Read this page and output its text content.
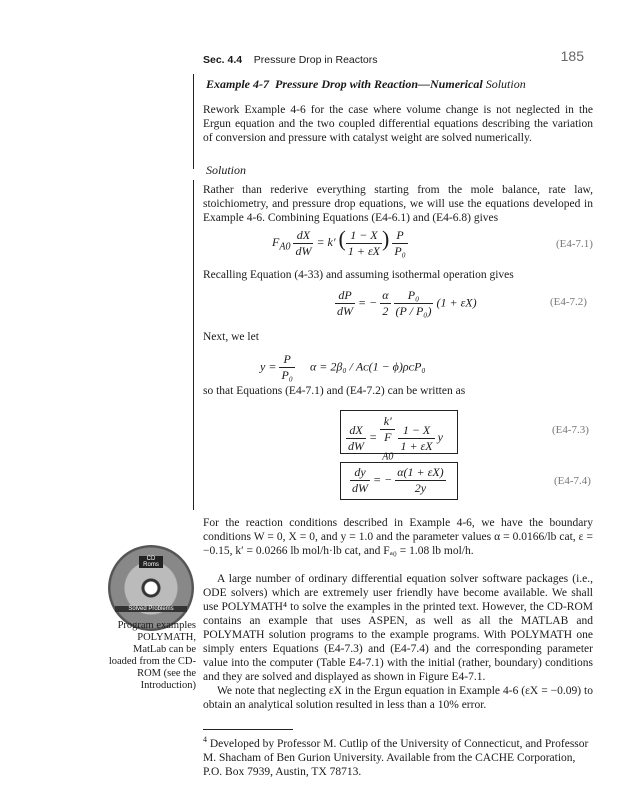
Sec. 4.4 Pressure Drop in Reactors	185
Example 4-7 Pressure Drop with Reaction—Numerical Solution
Rework Example 4-6 for the case where volume change is not neglected in the Ergun equation and the two coupled differential equations describing the variation of conversion and pressure with catalyst weight are solved numerically.
Solution
Rather than rederive everything starting from the mole balance, rate law, stoichiometry, and pressure drop equations, we will use the equations developed in Example 4-6. Combining Equations (E4-6.1) and (E4-6.8) gives
$F_{A0} \frac{dX}{dW} = k'$ ( $\frac{1 - X}{1 + \varepsilon X}$ ) $\frac{P}{\text{P₀}}$	(E4-7.1)
Recalling Equation (4-33) and assuming isothermal operation gives
$\frac{dP}{dW}$ = − $\frac{\alpha}{2}$
$\frac{\text{P₀}}{\text{(P / P₀)}} (1 + \varepsilon X)$	(E4-7.2)
Next, we let
$y = \frac{P}{\text{P₀}}$ α = 2β₀ / Aᴄ(1 − ϕ)ρᴄP₀
so that Equations (E4-7.1) and (E4-7.2) can be written as
$\frac{dX}{dW} = k'$
F
$_{A0}$
$\frac{1 - X}{1 + \varepsilon X}$ y	(E4-7.3)
$\frac{dy}{dW}$ = − $\frac{\alpha(1 + \varepsilon X)}{2y}$	(E4-7.4)
For the reaction conditions described in Example 4-6, we have the boundary conditions W = 0, X = 0, and y = 1.0 and the parameter values α = 0.0166/lb cat, ε = −0.15, k′ = 0.0266 lb mol/h·lb cat, and Fₐ₀ = 1.08 lb mol/h.
A large number of ordinary differential equation solver software packages (i.e., ODE solvers) which are extremely user friendly have become available. We shall use POLYMATH⁴ to solve the examples in the printed text. However, the CD-ROM contains an example that uses ASPEN, as well as all the MATLAB and POLYMATH solution programs to the example programs. With POLYMATH one simply enters Equations (E4-7.3) and (E4-7.4) and the corresponding parameter value into the computer (Table E4-7.1) with the initial (rather, boundary) conditions and they are solved and displayed as shown in Figure E4-7.1.
We note that neglecting εX in the Ergun equation in Example 4-6 (εX = −0.09) to obtain an analytical solution resulted in less than a 10% error.
CD Roms
Solved Problems
Program examples POLYMATH, MatLab can be loaded from the CD-ROM (see the Introduction)
$^4$ Developed by Professor M. Cutlip of the University of Connecticut, and Professor M. Shacham of Ben Gurion University. Available from the CACHE Corporation, P.O. Box 7939, Austin, TX 78713.
